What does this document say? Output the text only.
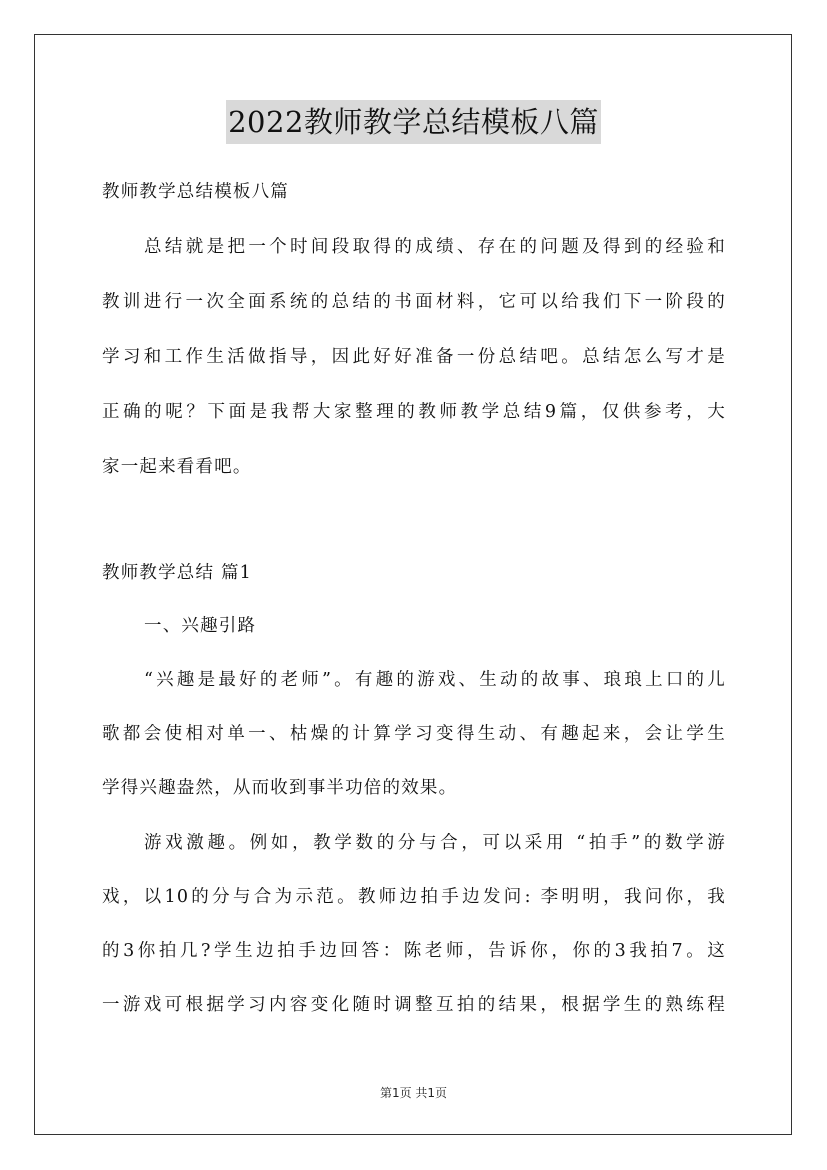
2022教师教学总结模板八篇
教师教学总结模板八篇
总结就是把一个时间段取得的成绩、存在的问题及得到的经验和
教训进行一次全面系统的总结的书面材料，它可以给我们下一阶段的
学习和工作生活做指导，因此好好准备一份总结吧。总结怎么写才是
正确的呢？下面是我帮大家整理的教师教学总结9篇，仅供参考，大
家一起来看看吧。
教师教学总结 篇1
一、兴趣引路
“兴趣是最好的老师”。有趣的游戏、生动的故事、琅琅上口的儿
歌都会使相对单一、枯燥的计算学习变得生动、有趣起来，会让学生
学得兴趣盎然，从而收到事半功倍的效果。
游戏激趣。例如，教学数的分与合，可以采用 “拍手”的数学游
戏，以10的分与合为示范。教师边拍手边发问: 李明明，我问你，我
的3你拍几?学生边拍手边回答：陈老师，告诉你，你的3我拍7。这
一游戏可根据学习内容变化随时调整互拍的结果，根据学生的熟练程
第1页 共1页
